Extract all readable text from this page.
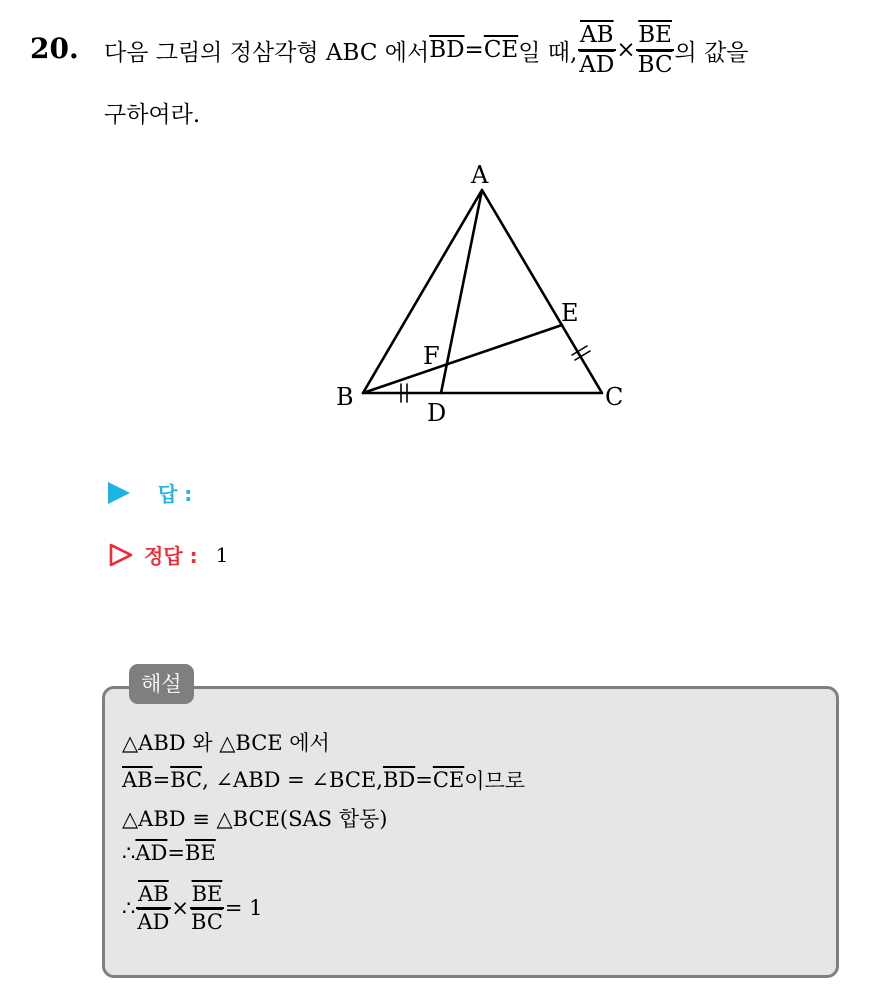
20. 다음 그림의 정삼각형 ABC 에서 $\overline{BD} = \overline{CE}$ 일 때, $\frac{\overline{AB}}{AD} \times \frac{\overline{BE}}{BC}$ 의 값을
구하여라.
A
B	C
D
E
F
답 :
정답 : 1
해설
△ABD 와 △BCE 에서
$\overline{AB} = \overline{BC}$ , ∠ABD = ∠BCE, $\overline{BD} = \overline{CE}$ 이므로
△ABD ≡ △BCE(SAS 합동)
∴ $\overline{AD} = \overline{BE}$
∴ $\frac{\overline{AB}}{AD} \times \frac{\overline{BE}}{BC} = 1$
